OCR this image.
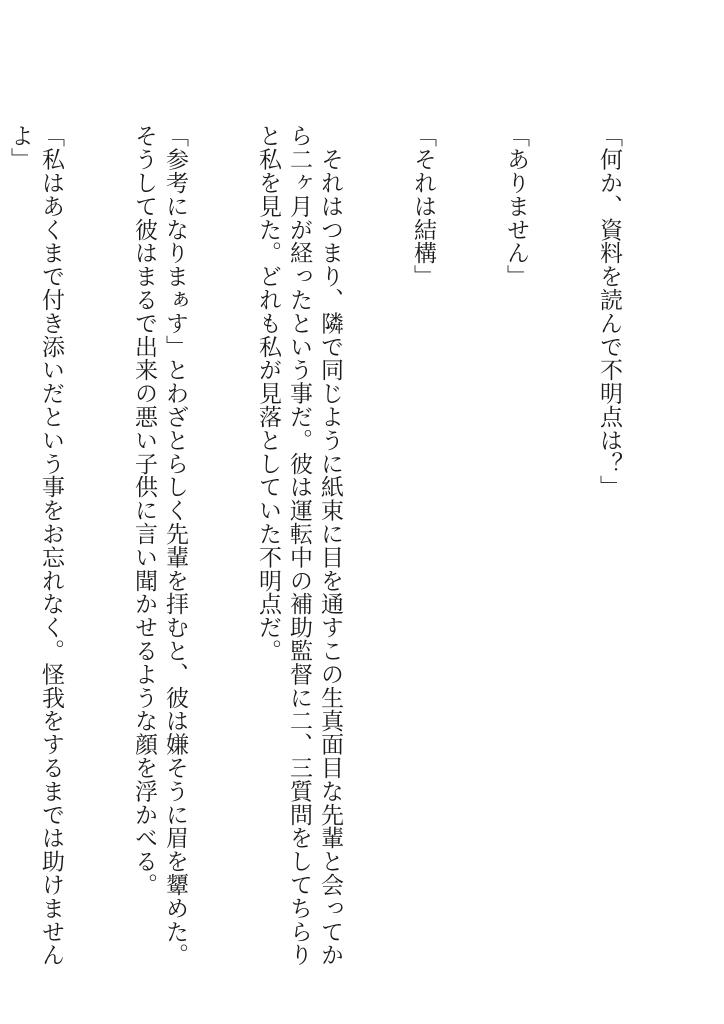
「何か、資料を読んで不明点は？」

「ありません」

「それは結構」

　それはつまり、隣で同じように紙束に目を通すこの生真面目な先輩と会ってから二ヶ月が経ったという事だ。彼は運転中の補助監督に二、三質問をしてちらりと私を見た。どれも私が見落としていた不明点だ。

「参考になりまぁす」とわざとらしく先輩を拝むと、彼は嫌そうに眉を顰めた。そうして彼はまるで出来の悪い子供に言い聞かせるような顔を浮かべる。

「私はあくまで付き添いだという事をお忘れなく。怪我をするまでは助けませんよ」
